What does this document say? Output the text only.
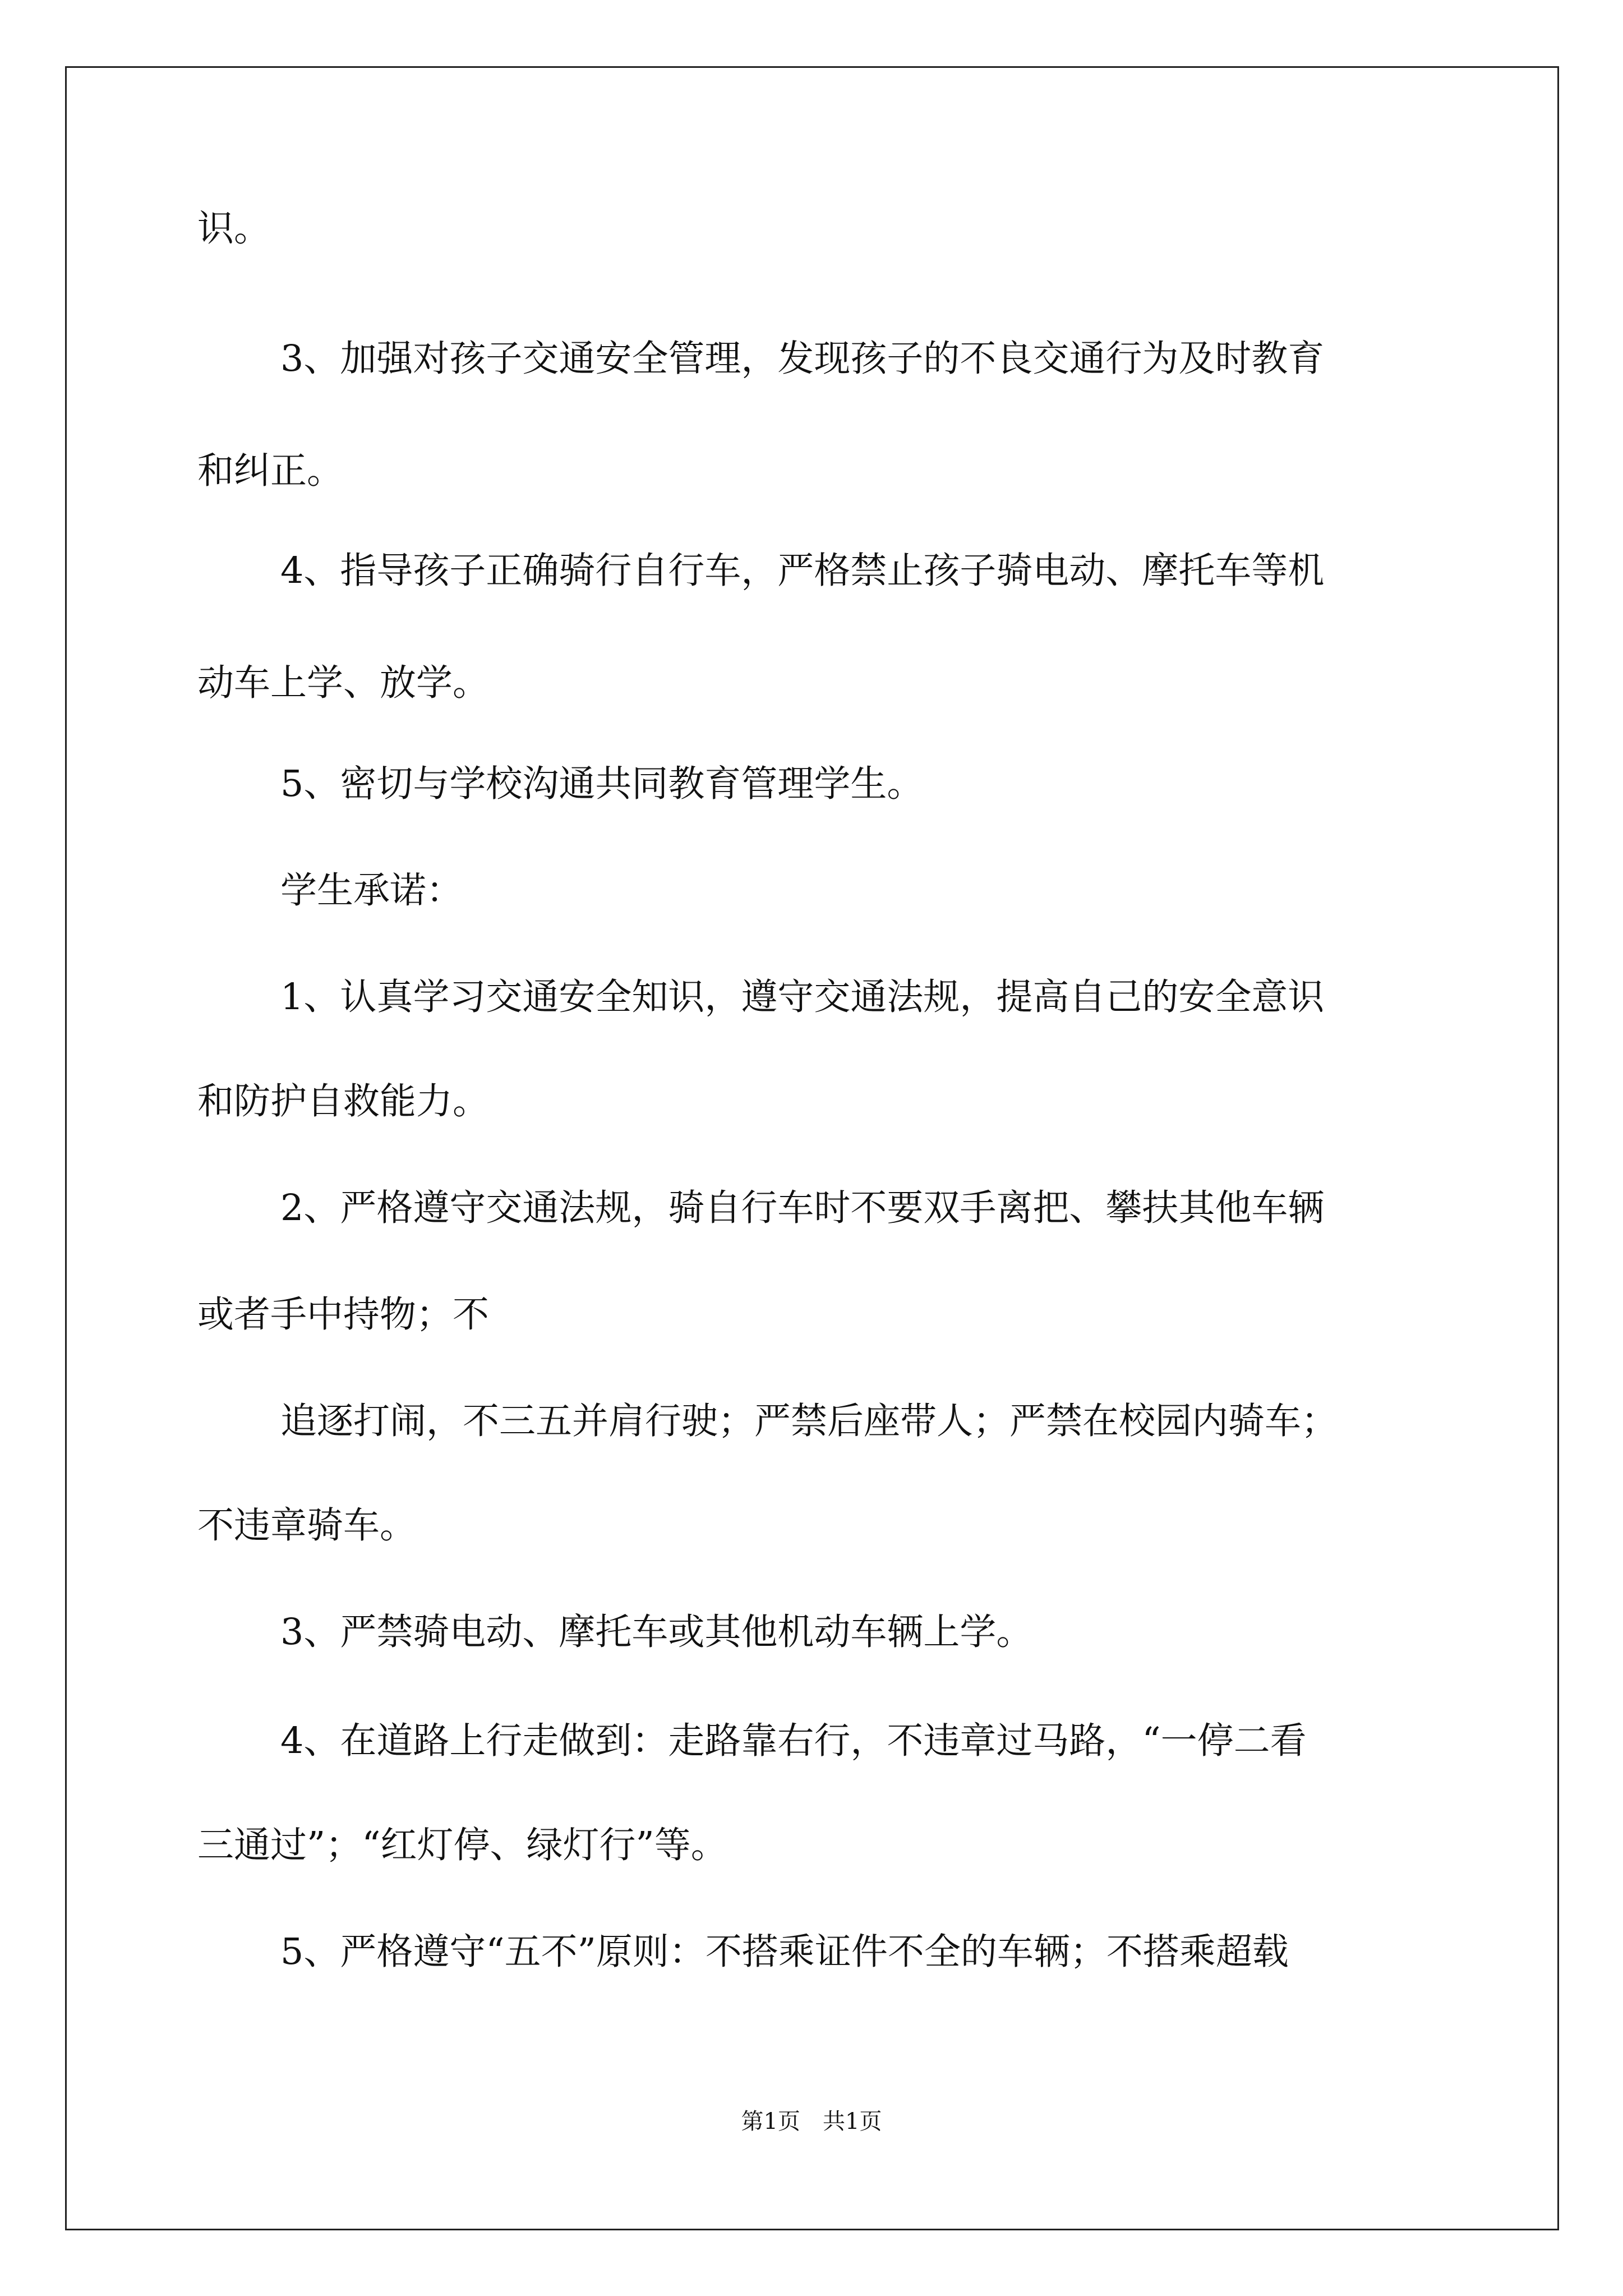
识。
3、加强对孩子交通安全管理，发现孩子的不良交通行为及时教育
和纠正。
4、指导孩子正确骑行自行车，严格禁止孩子骑电动、摩托车等机
动车上学、放学。
5、密切与学校沟通共同教育管理学生。
学生承诺：
1、认真学习交通安全知识，遵守交通法规，提高自己的安全意识
和防护自救能力。
2、严格遵守交通法规，骑自行车时不要双手离把、攀扶其他车辆
或者手中持物；不
追逐打闹，不三五并肩行驶；严禁后座带人；严禁在校园内骑车；
不违章骑车。
3、严禁骑电动、摩托车或其他机动车辆上学。
4、在道路上行走做到：走路靠右行，不违章过马路，“一停二看
三通过”；“红灯停、绿灯行”等。
5、严格遵守“五不”原则：不搭乘证件不全的车辆；不搭乘超载
第1页　共1页
